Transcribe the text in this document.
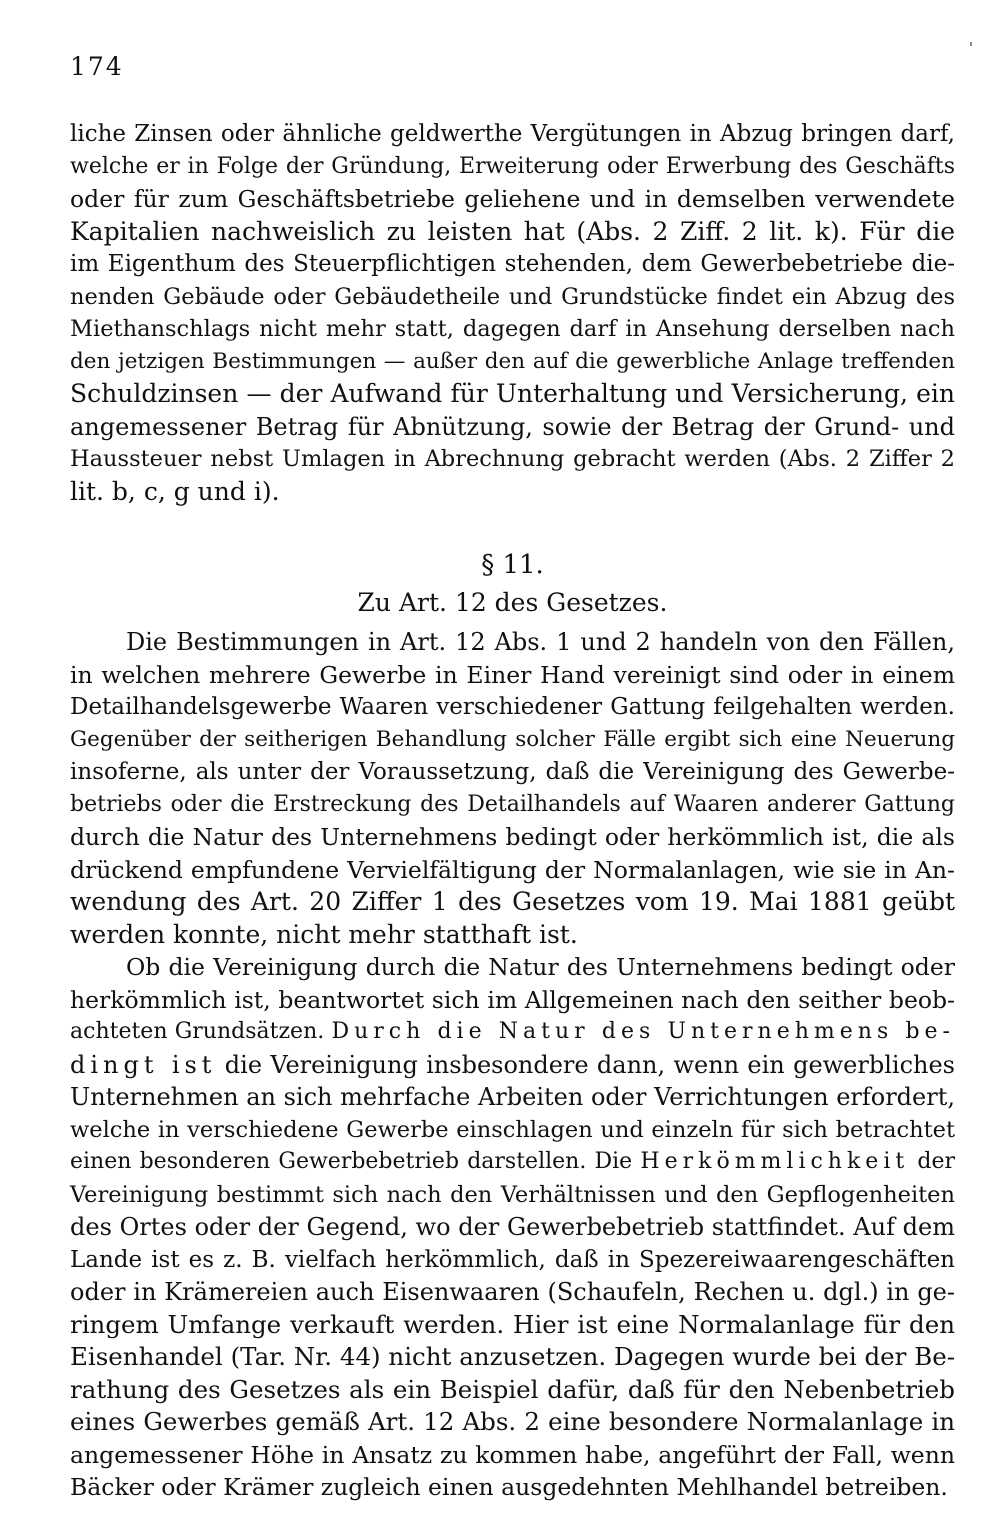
174

liche Zinsen oder ähnliche geldwerthe Vergütungen in Abzug bringen darf,
welche er in Folge der Gründung, Erweiterung oder Erwerbung des Geschäfts
oder für zum Geschäftsbetriebe geliehene und in demselben verwendete
Kapitalien nachweislich zu leisten hat (Abs. 2 Ziff. 2 lit. k). Für die
im Eigenthum des Steuerpflichtigen stehenden, dem Gewerbebetriebe die-
nenden Gebäude oder Gebäudetheile und Grundstücke findet ein Abzug des
Miethanschlags nicht mehr statt, dagegen darf in Ansehung derselben nach
den jetzigen Bestimmungen — außer den auf die gewerbliche Anlage treffenden
Schuldzinsen — der Aufwand für Unterhaltung und Versicherung, ein
angemessener Betrag für Abnützung, sowie der Betrag der Grund- und
Haussteuer nebst Umlagen in Abrechnung gebracht werden (Abs. 2 Ziffer 2
lit. b, c, g und i).

§ 11.
Zu Art. 12 des Gesetzes.

Die Bestimmungen in Art. 12 Abs. 1 und 2 handeln von den Fällen,
in welchen mehrere Gewerbe in Einer Hand vereinigt sind oder in einem
Detailhandelsgewerbe Waaren verschiedener Gattung feilgehalten werden.
Gegenüber der seitherigen Behandlung solcher Fälle ergibt sich eine Neuerung
insoferne, als unter der Voraussetzung, daß die Vereinigung des Gewerbe-
betriebs oder die Erstreckung des Detailhandels auf Waaren anderer Gattung
durch die Natur des Unternehmens bedingt oder herkömmlich ist, die als
drückend empfundene Vervielfältigung der Normalanlagen, wie sie in An-
wendung des Art. 20 Ziffer 1 des Gesetzes vom 19. Mai 1881 geübt
werden konnte, nicht mehr statthaft ist.

Ob die Vereinigung durch die Natur des Unternehmens bedingt oder
herkömmlich ist, beantwortet sich im Allgemeinen nach den seither beob-
achteten Grundsätzen. Durch die Natur des Unternehmens be-
dingt ist die Vereinigung insbesondere dann, wenn ein gewerbliches
Unternehmen an sich mehrfache Arbeiten oder Verrichtungen erfordert,
welche in verschiedene Gewerbe einschlagen und einzeln für sich betrachtet
einen besonderen Gewerbebetrieb darstellen. Die Herkömmlichkeit der
Vereinigung bestimmt sich nach den Verhältnissen und den Gepflogenheiten
des Ortes oder der Gegend, wo der Gewerbebetrieb stattfindet. Auf dem
Lande ist es z. B. vielfach herkömmlich, daß in Spezereiwaarengeschäften
oder in Krämereien auch Eisenwaaren (Schaufeln, Rechen u. dgl.) in ge-
ringem Umfange verkauft werden. Hier ist eine Normalanlage für den
Eisenhandel (Tar. Nr. 44) nicht anzusetzen. Dagegen wurde bei der Be-
rathung des Gesetzes als ein Beispiel dafür, daß für den Nebenbetrieb
eines Gewerbes gemäß Art. 12 Abs. 2 eine besondere Normalanlage in
angemessener Höhe in Ansatz zu kommen habe, angeführt der Fall, wenn
Bäcker oder Krämer zugleich einen ausgedehnten Mehlhandel betreiben.
